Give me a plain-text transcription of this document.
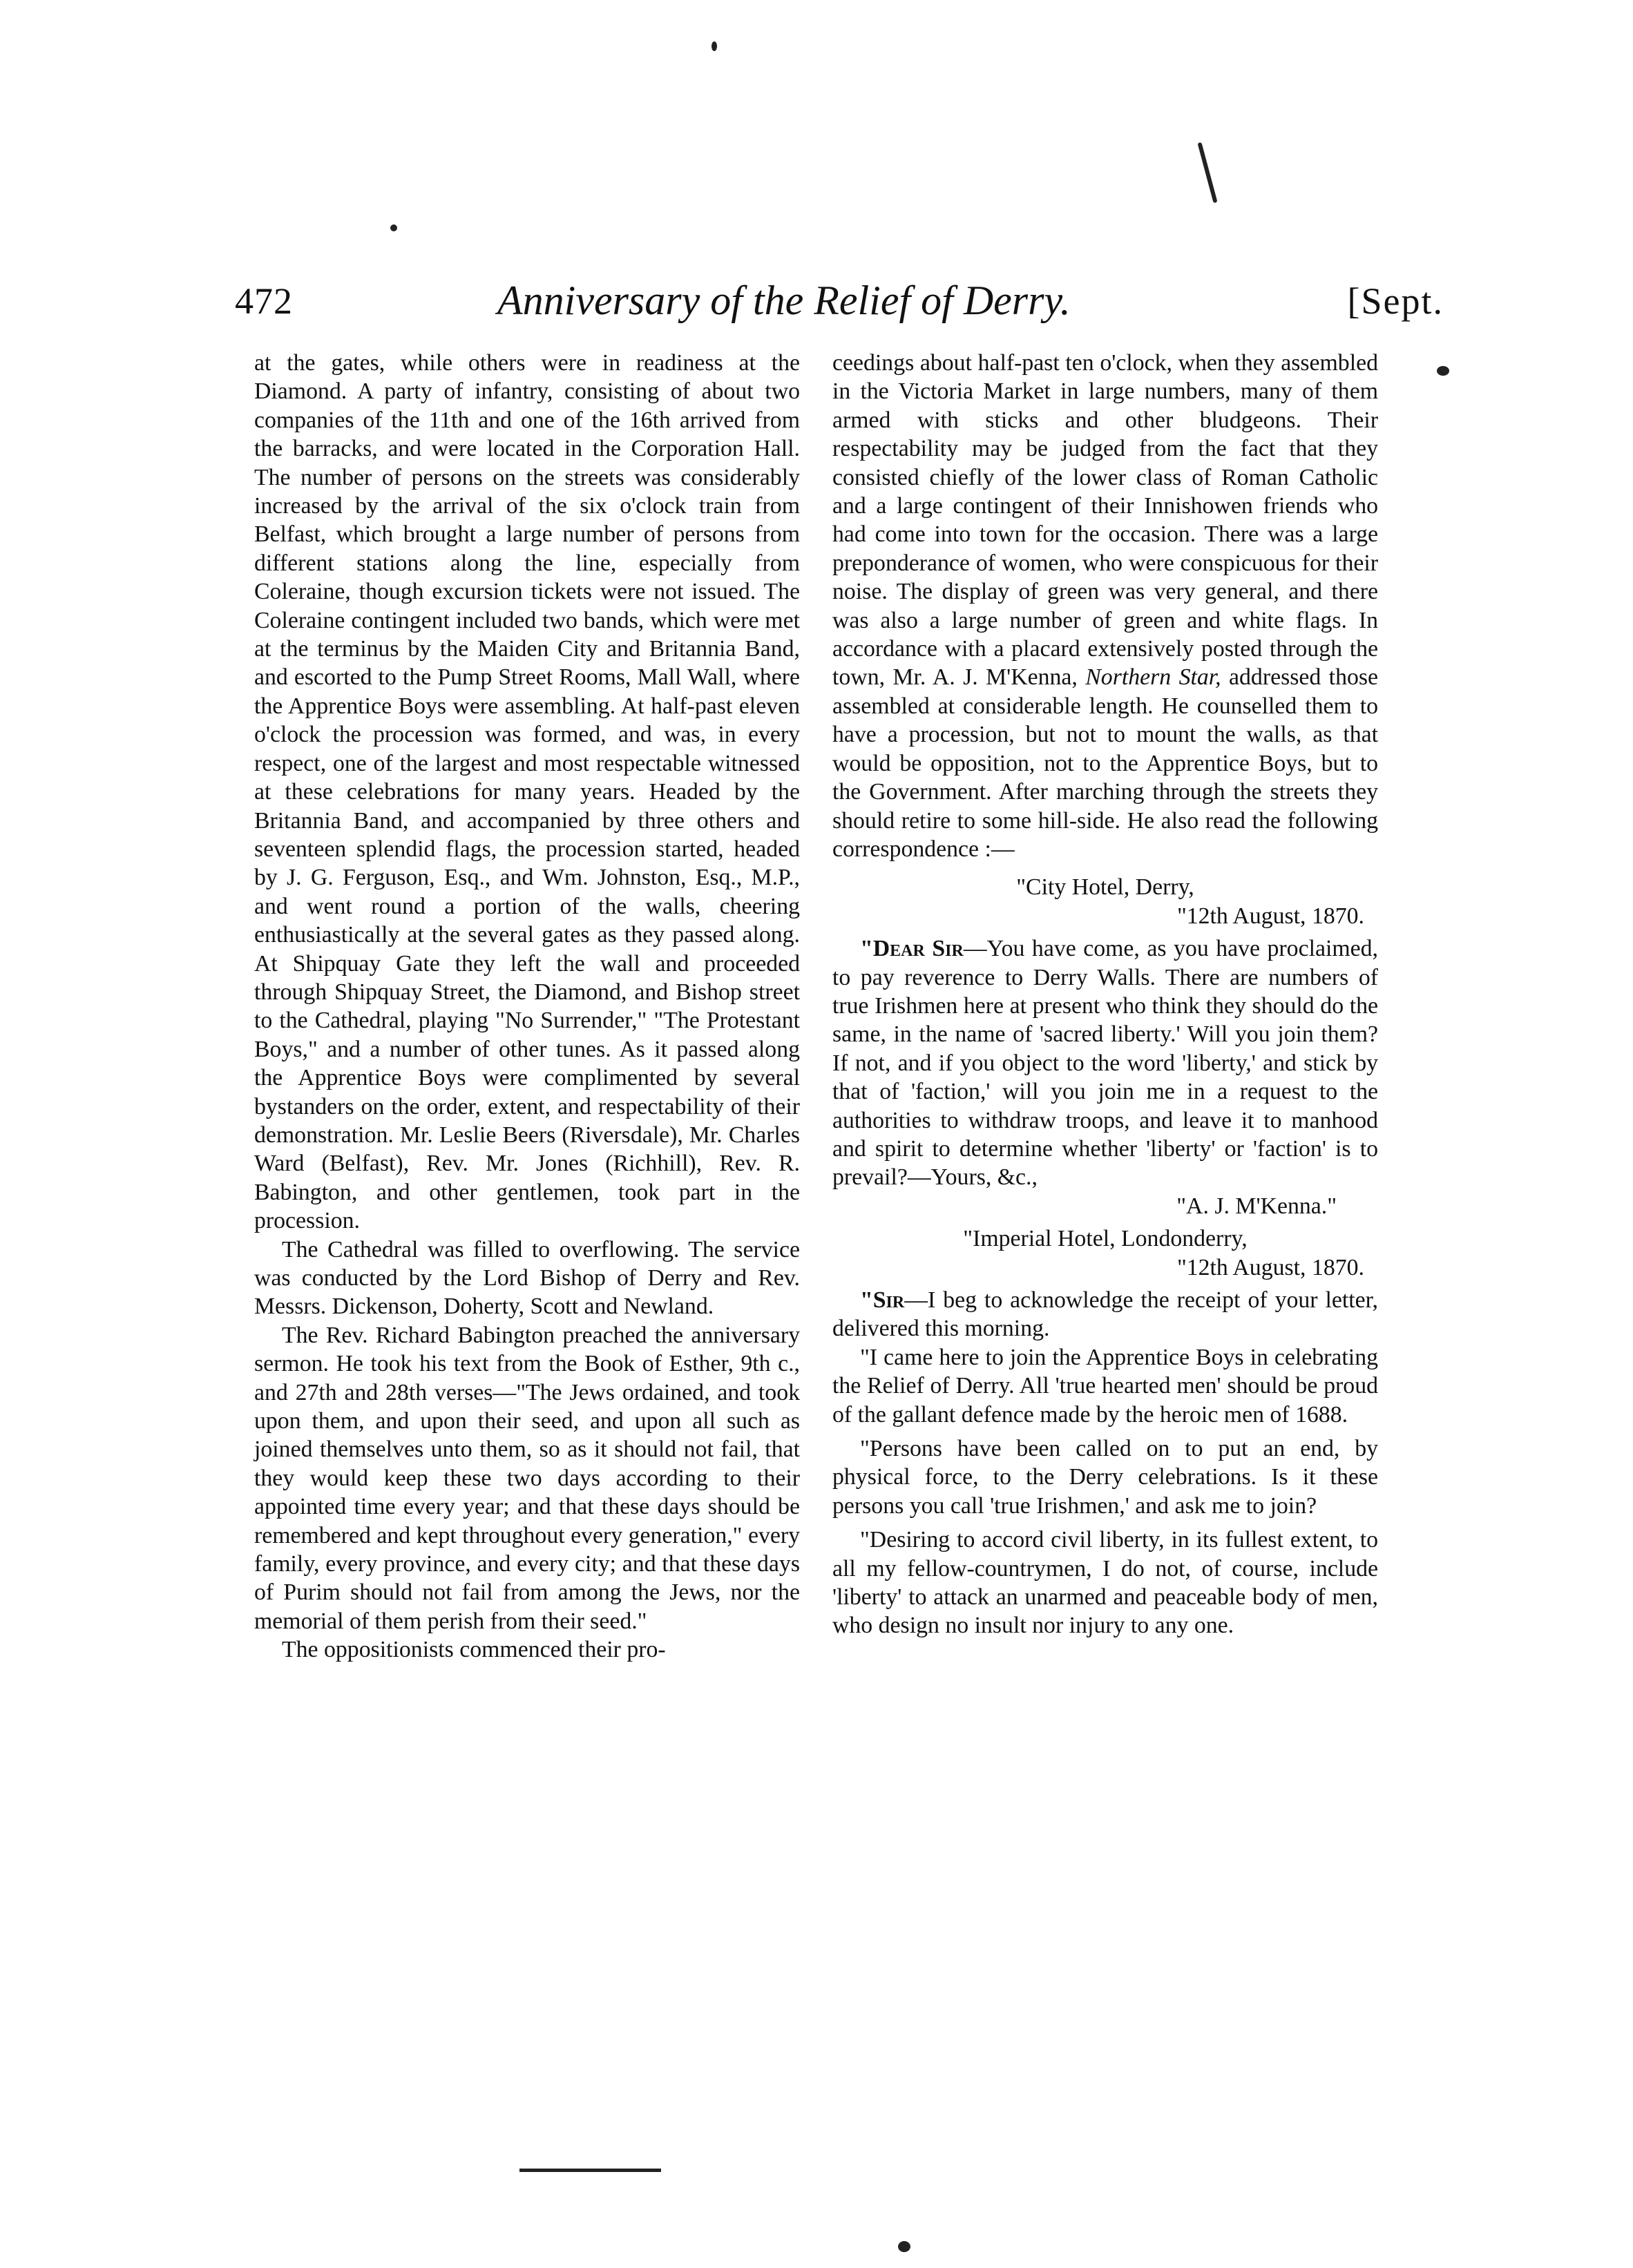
472	Anniversary of the Relief of Derry.	[Sept.

at the gates, while others were in readiness at the Diamond. A party of infantry, consisting of about two companies of the 11th and one of the 16th arrived from the barracks, and were located in the Corporation Hall. The number of persons on the streets was considerably increased by the arrival of the six o'clock train from Belfast, which brought a large number of persons from different stations along the line, especially from Coleraine, though excursion tickets were not issued. The Coleraine contingent included two bands, which were met at the terminus by the Maiden City and Britannia Band, and escorted to the Pump Street Rooms, Mall Wall, where the Apprentice Boys were assembling. At half-past eleven o'clock the procession was formed, and was, in every respect, one of the largest and most respectable witnessed at these celebrations for many years. Headed by the Britannia Band, and accompanied by three others and seventeen splendid flags, the procession started, headed by J. G. Ferguson, Esq., and Wm. Johnston, Esq., M.P., and went round a portion of the walls, cheering enthusiastically at the several gates as they passed along. At Shipquay Gate they left the wall and proceeded through Shipquay Street, the Diamond, and Bishop street to the Cathedral, playing "No Surrender," "The Protestant Boys," and a number of other tunes. As it passed along the Apprentice Boys were complimented by several bystanders on the order, extent, and respectability of their demonstration. Mr. Leslie Beers (Riversdale), Mr. Charles Ward (Belfast), Rev. Mr. Jones (Richhill), Rev. R. Babington, and other gentlemen, took part in the procession.

The Cathedral was filled to overflowing. The service was conducted by the Lord Bishop of Derry and Rev. Messrs. Dickenson, Doherty, Scott and Newland.

The Rev. Richard Babington preached the anniversary sermon. He took his text from the Book of Esther, 9th c., and 27th and 28th verses—"The Jews ordained, and took upon them, and upon their seed, and upon all such as joined themselves unto them, so as it should not fail, that they would keep these two days according to their appointed time every year; and that these days should be remembered and kept throughout every generation," every family, every province, and every city; and that these days of Purim should not fail from among the Jews, nor the memorial of them perish from their seed."

The oppositionists commenced their pro-

ceedings about half-past ten o'clock, when they assembled in the Victoria Market in large numbers, many of them armed with sticks and other bludgeons. Their respectability may be judged from the fact that they consisted chiefly of the lower class of Roman Catholic and a large contingent of their Innishowen friends who had come into town for the occasion. There was a large preponderance of women, who were conspicuous for their noise. The display of green was very general, and there was also a large number of green and white flags. In accordance with a placard extensively posted through the town, Mr. A. J. M'Kenna, Northern Star, addressed those assembled at considerable length. He counselled them to have a procession, but not to mount the walls, as that would be opposition, not to the Apprentice Boys, but to the Government. After marching through the streets they should retire to some hill-side. He also read the following correspondence :—

"City Hotel, Derry,

"12th August, 1870.

"Dear Sir—You have come, as you have proclaimed, to pay reverence to Derry Walls. There are numbers of true Irishmen here at present who think they should do the same, in the name of 'sacred liberty.' Will you join them? If not, and if you object to the word 'liberty,' and stick by that of 'faction,' will you join me in a request to the authorities to withdraw troops, and leave it to manhood and spirit to determine whether 'liberty' or 'faction' is to prevail?—Yours, &c.,

"A. J. M'Kenna."

"Imperial Hotel, Londonderry,

"12th August, 1870.

"Sir—I beg to acknowledge the receipt of your letter, delivered this morning.

"I came here to join the Apprentice Boys in celebrating the Relief of Derry. All 'true hearted men' should be proud of the gallant defence made by the heroic men of 1688.

"Persons have been called on to put an end, by physical force, to the Derry celebrations. Is it these persons you call 'true Irishmen,' and ask me to join?

"Desiring to accord civil liberty, in its fullest extent, to all my fellow-countrymen, I do not, of course, include 'liberty' to attack an unarmed and peaceable body of men, who design no insult nor injury to any one.
